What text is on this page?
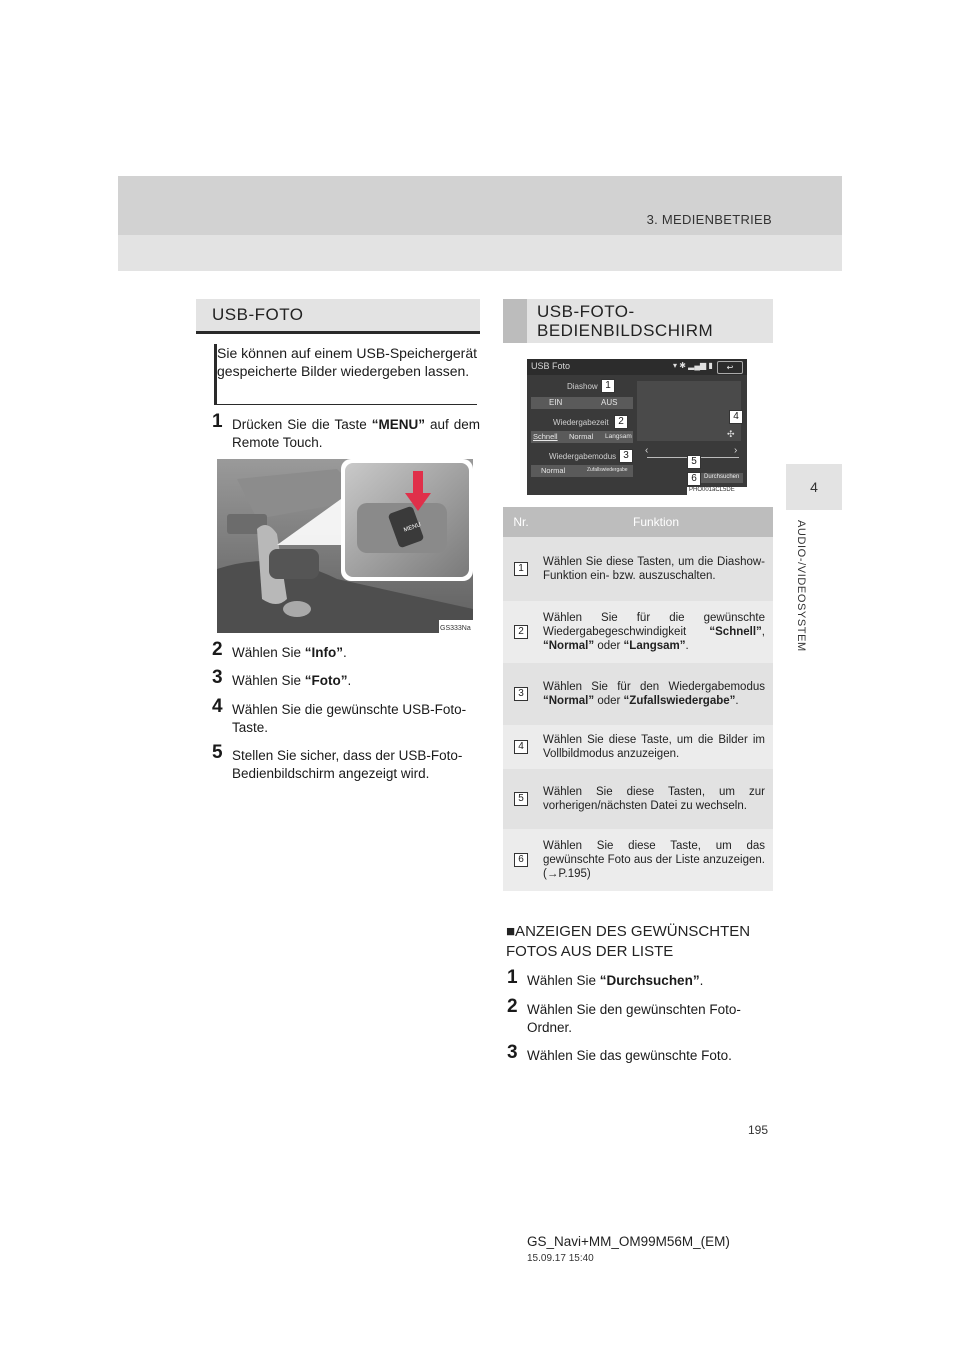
3. MEDIENBETRIEB
4
AUDIO-/VIDEOSYSTEM
USB-FOTO
Sie können auf einem USB-Speichergerät gespeicherte Bilder wiedergeben lassen.
1 Drücken Sie die Taste “MENU” auf dem Remote Touch.
MENU
GS333Na
2 Wählen Sie “Info”.
3 Wählen Sie “Foto”.
4 Wählen Sie die gewünschte USB-Foto-Taste.
5 Stellen Sie sicher, dass der USB-Foto-Bedienbildschirm angezeigt wird.
USB-FOTO-
BEDIENBILDSCHIRM
USB Foto	▾ ✱ ▂▄▆ ▮	↩
Diashow
EIN	AUS
Wiedergabezeit
Schnell Normal Langsam	✣
Wiedergabemodus
Normal	Zufallswiedergabe
‹	›
Durchsuchen
PHO001aCL5DE
1
2
3
4
5
6
Nr.	Funktion
1	Wählen Sie diese Tasten, um die Diashow-Funktion ein- bzw. auszuschalten.
2	Wählen Sie für die gewünschte Wiedergabegeschwindigkeit “Schnell”, “Normal” oder “Langsam”.
3	Wählen Sie für den Wiedergabemodus “Normal” oder “Zufallswiedergabe”.
4	Wählen Sie diese Taste, um die Bilder im Vollbildmodus anzuzeigen.
5	Wählen Sie diese Tasten, um zur vorherigen/nächsten Datei zu wechseln.
6	Wählen Sie diese Taste, um das gewünschte Foto aus der Liste anzuzeigen. (→P.195)
■ANZEIGEN DES GEWÜNSCHTEN FOTOS AUS DER LISTE
1 Wählen Sie “Durchsuchen”.
2 Wählen Sie den gewünschten Foto-Ordner.
3 Wählen Sie das gewünschte Foto.
195
GS_Navi+MM_OM99M56M_(EM)
15.09.17 15:40
